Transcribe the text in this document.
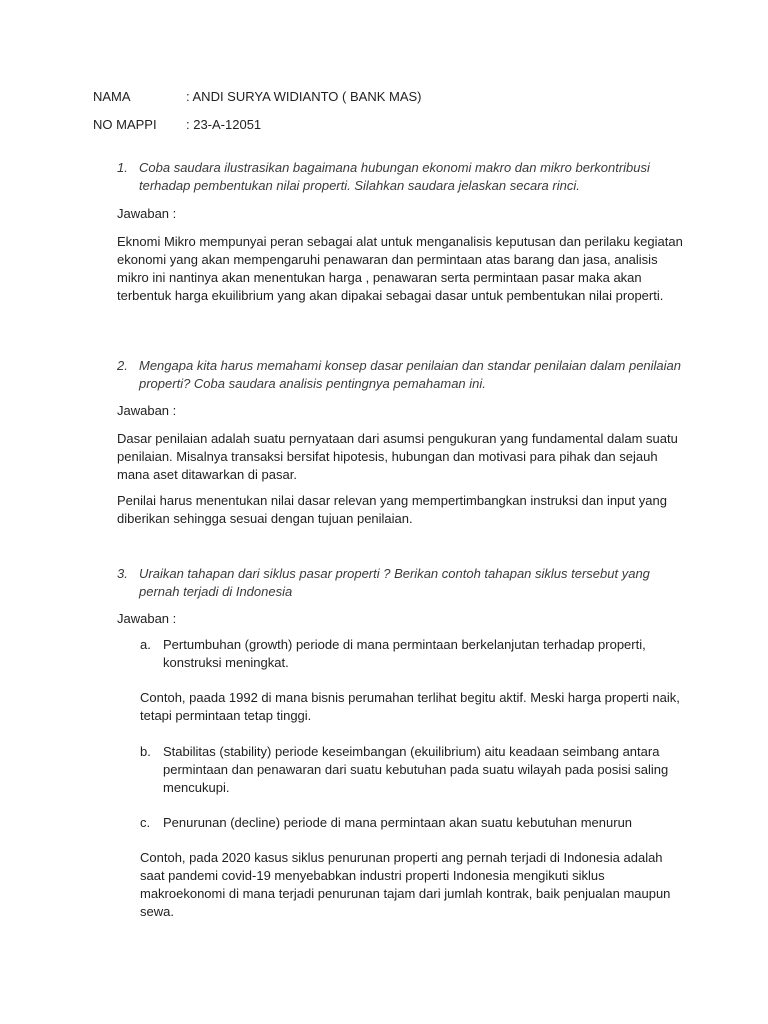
NAMA	: ANDI SURYA WIDIANTO ( BANK MAS)
NO MAPPI : 23-A-12051
1. Coba saudara ilustrasikan bagaimana hubungan ekonomi makro dan mikro berkontribusi terhadap pembentukan nilai properti. Silahkan saudara jelaskan secara rinci.

Jawaban :

Eknomi Mikro mempunyai peran sebagai alat untuk menganalisis keputusan dan perilaku kegiatan ekonomi yang akan mempengaruhi penawaran dan permintaan atas barang dan jasa, analisis mikro ini nantinya akan menentukan harga , penawaran serta permintaan pasar maka akan terbentuk harga ekuilibrium yang akan dipakai sebagai dasar untuk pembentukan nilai properti.

2. Mengapa kita harus memahami konsep dasar penilaian dan standar penilaian dalam penilaian properti? Coba saudara analisis pentingnya pemahaman ini.

Jawaban :

Dasar penilaian adalah suatu pernyataan dari asumsi pengukuran yang fundamental dalam suatu penilaian. Misalnya transaksi bersifat hipotesis, hubungan dan motivasi para pihak dan sejauh mana aset ditawarkan di pasar.

Penilai harus menentukan nilai dasar relevan yang mempertimbangkan instruksi dan input yang diberikan sehingga sesuai dengan tujuan penilaian.

3. Uraikan tahapan dari siklus pasar properti ? Berikan contoh tahapan siklus tersebut yang pernah terjadi di Indonesia

Jawaban :
a. Pertumbuhan (growth) periode di mana permintaan berkelanjutan terhadap properti, konstruksi meningkat.

Contoh, paada 1992 di mana bisnis perumahan terlihat begitu aktif. Meski harga properti naik, tetapi permintaan tetap tinggi.

b. Stabilitas (stability) periode keseimbangan (ekuilibrium) aitu keadaan seimbang antara permintaan dan penawaran dari suatu kebutuhan pada suatu wilayah pada posisi saling mencukupi.

c. Penurunan (decline) periode di mana permintaan akan suatu kebutuhan menurun

Contoh, pada 2020 kasus siklus penurunan properti ang pernah terjadi di Indonesia adalah saat pandemi covid-19 menyebabkan industri properti Indonesia mengikuti siklus makroekonomi di mana terjadi penurunan tajam dari jumlah kontrak, baik penjualan maupun sewa.
